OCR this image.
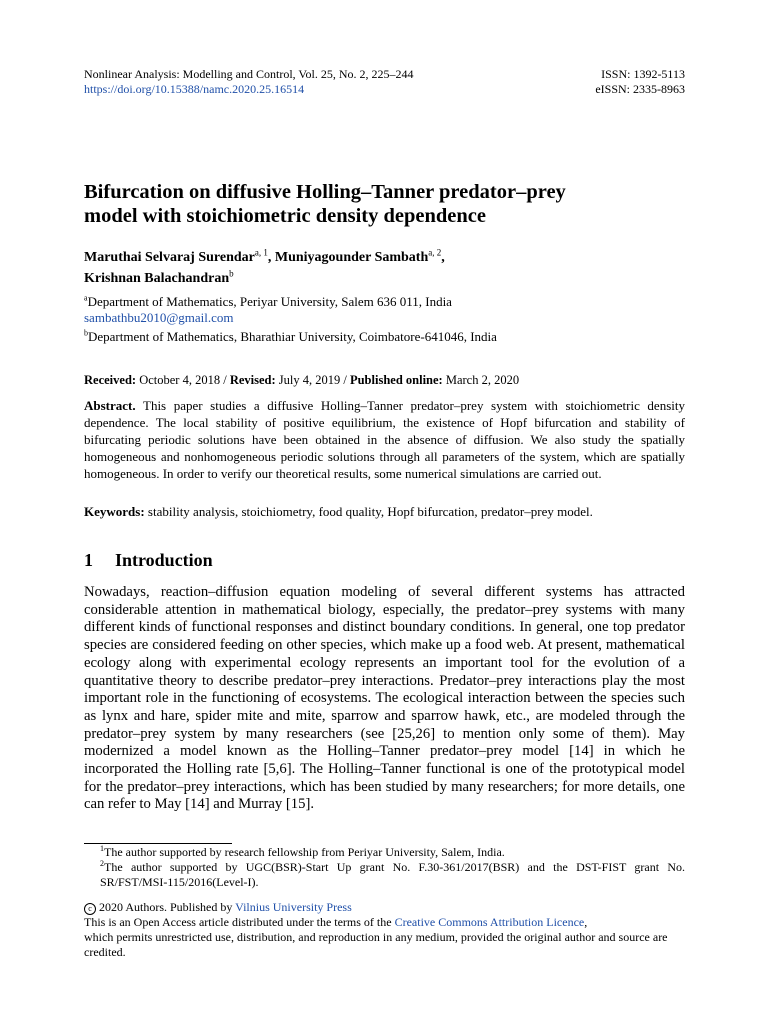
Nonlinear Analysis: Modelling and Control, Vol. 25, No. 2, 225–244
https://doi.org/10.15388/namc.2020.25.16514
ISSN: 1392-5113
eISSN: 2335-8963
Bifurcation on diffusive Holling–Tanner predator–prey
model with stoichiometric density dependence
Maruthai Selvaraj Surendar$^{a, 1}$, Muniyagounder Sambath$^{a, 2}$,
Krishnan Balachandran$^b$
$^a$Department of Mathematics, Periyar University, Salem 636 011, India
sambathbu2010@gmail.com
$^b$Department of Mathematics, Bharathiar University, Coimbatore-641046, India
Received: October 4, 2018 / Revised: July 4, 2019 / Published online: March 2, 2020
Abstract. This paper studies a diffusive Holling–Tanner predator–prey system with stoichiometric density dependence. The local stability of positive equilibrium, the existence of Hopf bifurcation and stability of bifurcating periodic solutions have been obtained in the absence of diffusion. We also study the spatially homogeneous and nonhomogeneous periodic solutions through all parameters of the system, which are spatially homogeneous. In order to verify our theoretical results, some numerical simulations are carried out.
Keywords: stability analysis, stoichiometry, food quality, Hopf bifurcation, predator–prey model.
1 Introduction
Nowadays, reaction–diffusion equation modeling of several different systems has attracted considerable attention in mathematical biology, especially, the predator–prey systems with many different kinds of functional responses and distinct boundary conditions. In general, one top predator species are considered feeding on other species, which make up a food web. At present, mathematical ecology along with experimental ecology represents an important tool for the evolution of a quantitative theory to describe predator–prey interactions. Predator–prey interactions play the most important role in the functioning of ecosystems. The ecological interaction between the species such as lynx and hare, spider mite and mite, sparrow and sparrow hawk, etc., are modeled through the predator–prey system by many researchers (see [25,26] to mention only some of them). May modernized a model known as the Holling–Tanner predator–prey model [14] in which he incorporated the Holling rate [5,6]. The Holling–Tanner functional is one of the prototypical model for the predator–prey interactions, which has been studied by many researchers; for more details, one can refer to May [14] and Murray [15].
$^1$The author supported by research fellowship from Periyar University, Salem, India.
$^2$The author supported by UGC(BSR)-Start Up grant No. F.30-361/2017(BSR) and the DST-FIST grant No. SR/FST/MSI-115/2016(Level-I).
c 2020 Authors. Published by Vilnius University Press
This is an Open Access article distributed under the terms of the Creative Commons Attribution Licence,
which permits unrestricted use, distribution, and reproduction in any medium, provided the original author and source are credited.
